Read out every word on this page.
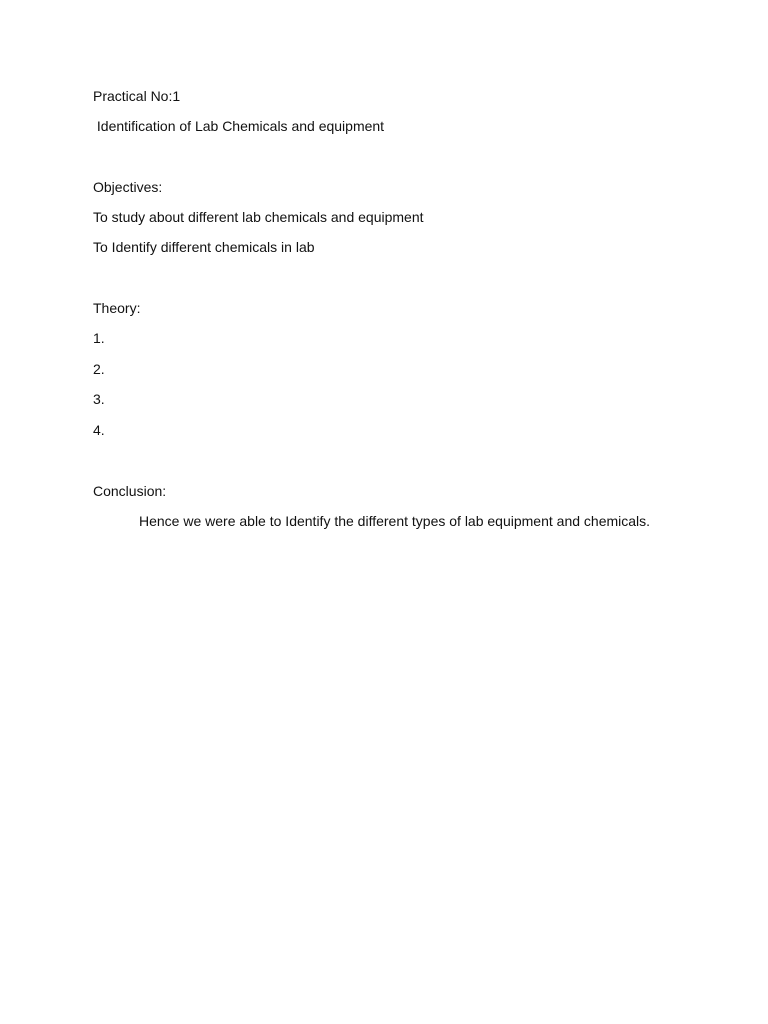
Practical No:1
Identification of Lab Chemicals and equipment
Objectives:
To study about different lab chemicals and equipment
To Identify different chemicals in lab
Theory:
1.
2.
3.
4.
Conclusion:
Hence we were able to Identify the different types of lab equipment and chemicals.
